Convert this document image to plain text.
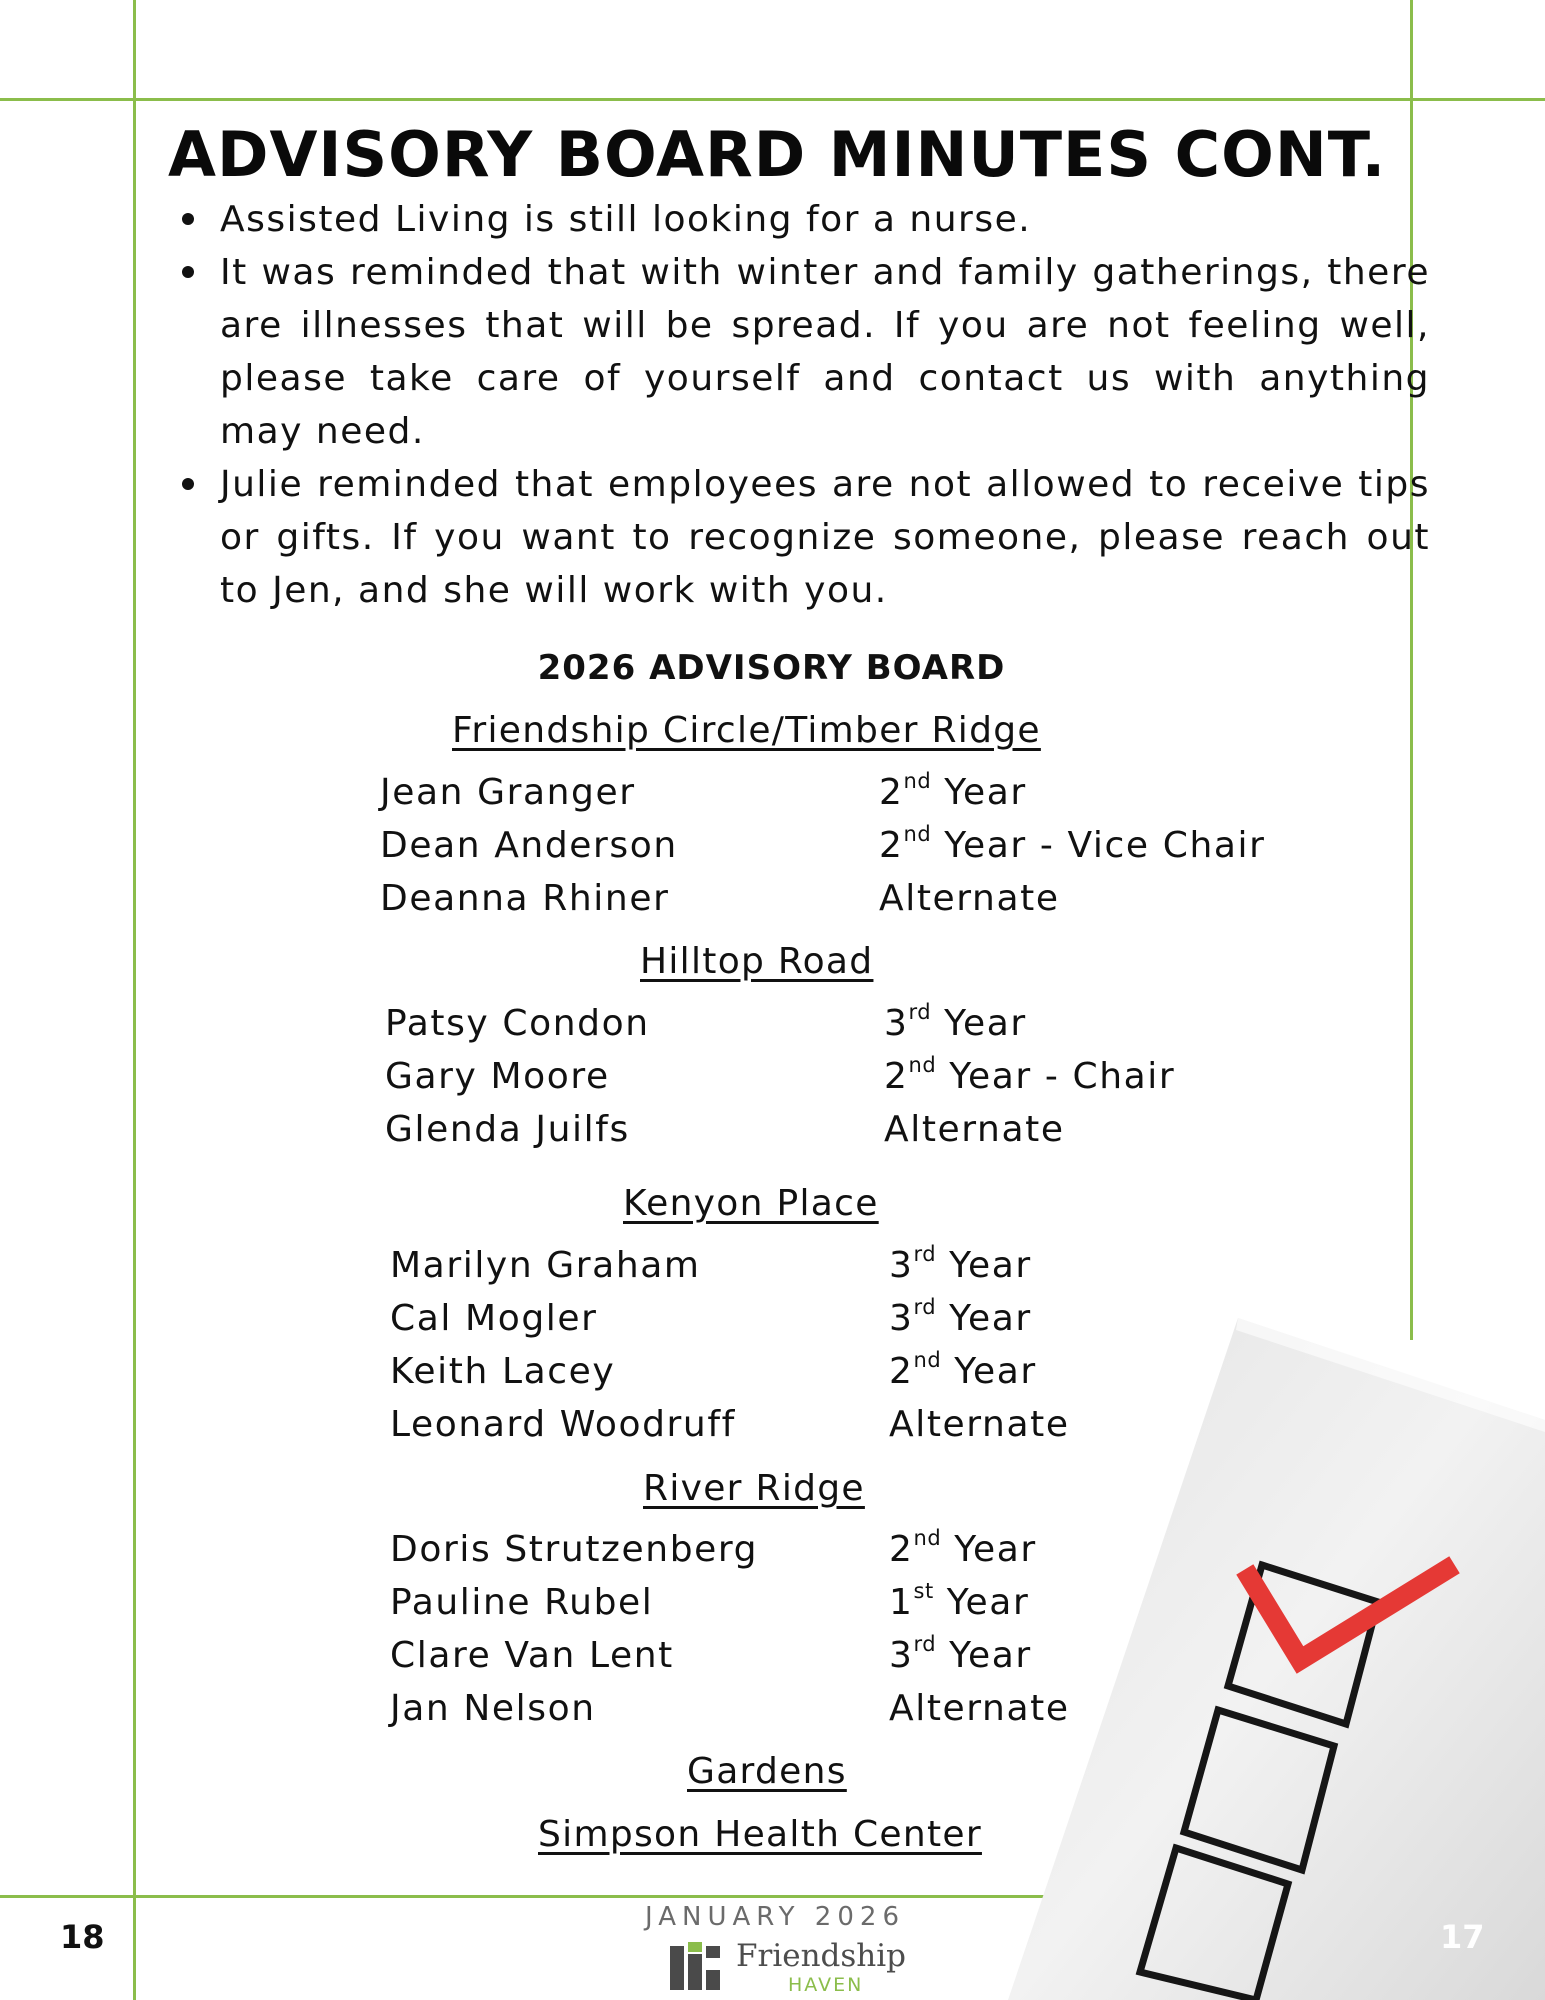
ADVISORY BOARD MINUTES CONT.
Assisted Living is still looking for a nurse.
It was reminded that with winter and family gatherings, there are illnesses that will be spread. If you are not feeling well, please take care of yourself and contact us with anything may need.
Julie reminded that employees are not allowed to receive tips or gifts. If you want to recognize someone, please reach out to Jen, and she will work with you.
2026 ADVISORY BOARD
Friendship Circle/Timber Ridge
Jean Granger	2nd Year
Dean Anderson	2nd Year - Vice Chair
Deanna Rhiner	Alternate
Hilltop Road
Patsy Condon	3rd Year
Gary Moore	2nd Year - Chair
Glenda Juilfs	Alternate
Kenyon Place
Marilyn Graham	3rd Year
Cal Mogler	3rd Year
Keith Lacey	2nd Year
Leonard Woodruff	Alternate
River Ridge
Doris Strutzenberg	2nd Year
Pauline Rubel	1st Year
Clare Van Lent	3rd Year
Jan Nelson	Alternate
Gardens
Simpson Health Center
JANUARY 2026
18	17
Friendship
HAVEN
